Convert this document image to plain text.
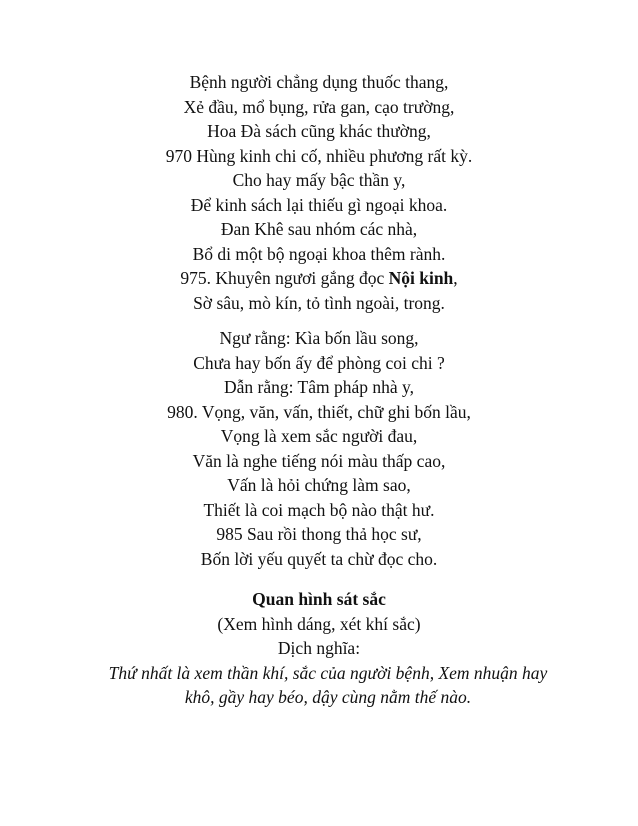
Bệnh người chẳng dụng thuốc thang,
Xẻ đầu, mổ bụng, rửa gan, cạo trường,
Hoa Đà sách cũng khác thường,
970 Hùng kinh chi cố, nhiều phương rất kỳ.
Cho hay mấy bậc thần y,
Để kinh sách lại thiếu gì ngoại khoa.
Đan Khê sau nhóm các nhà,
Bổ di một bộ ngoại khoa thêm rành.
975. Khuyên ngươi gắng đọc Nội kinh,
Sờ sâu, mò kín, tỏ tình ngoài, trong.
Ngư rằng: Kìa bốn lầu song,
Chưa hay bốn ấy để phòng coi chi ?
Dẫn rằng: Tâm pháp nhà y,
980. Vọng, văn, vấn, thiết, chữ ghi bốn lầu,
Vọng là xem sắc người đau,
Văn là nghe tiếng nói màu thấp cao,
Vấn là hỏi chứng làm sao,
Thiết là coi mạch bộ nào thật hư.
985 Sau rồi thong thả học sư,
Bốn lời yếu quyết ta chừ đọc cho.
Quan hình sát sắc
(Xem hình dáng, xét khí sắc)
Dịch nghĩa:
Thứ nhất là xem thần khí, sắc của người bệnh, Xem nhuận hay khô, gầy hay béo, dậy cùng nằm thế nào.
